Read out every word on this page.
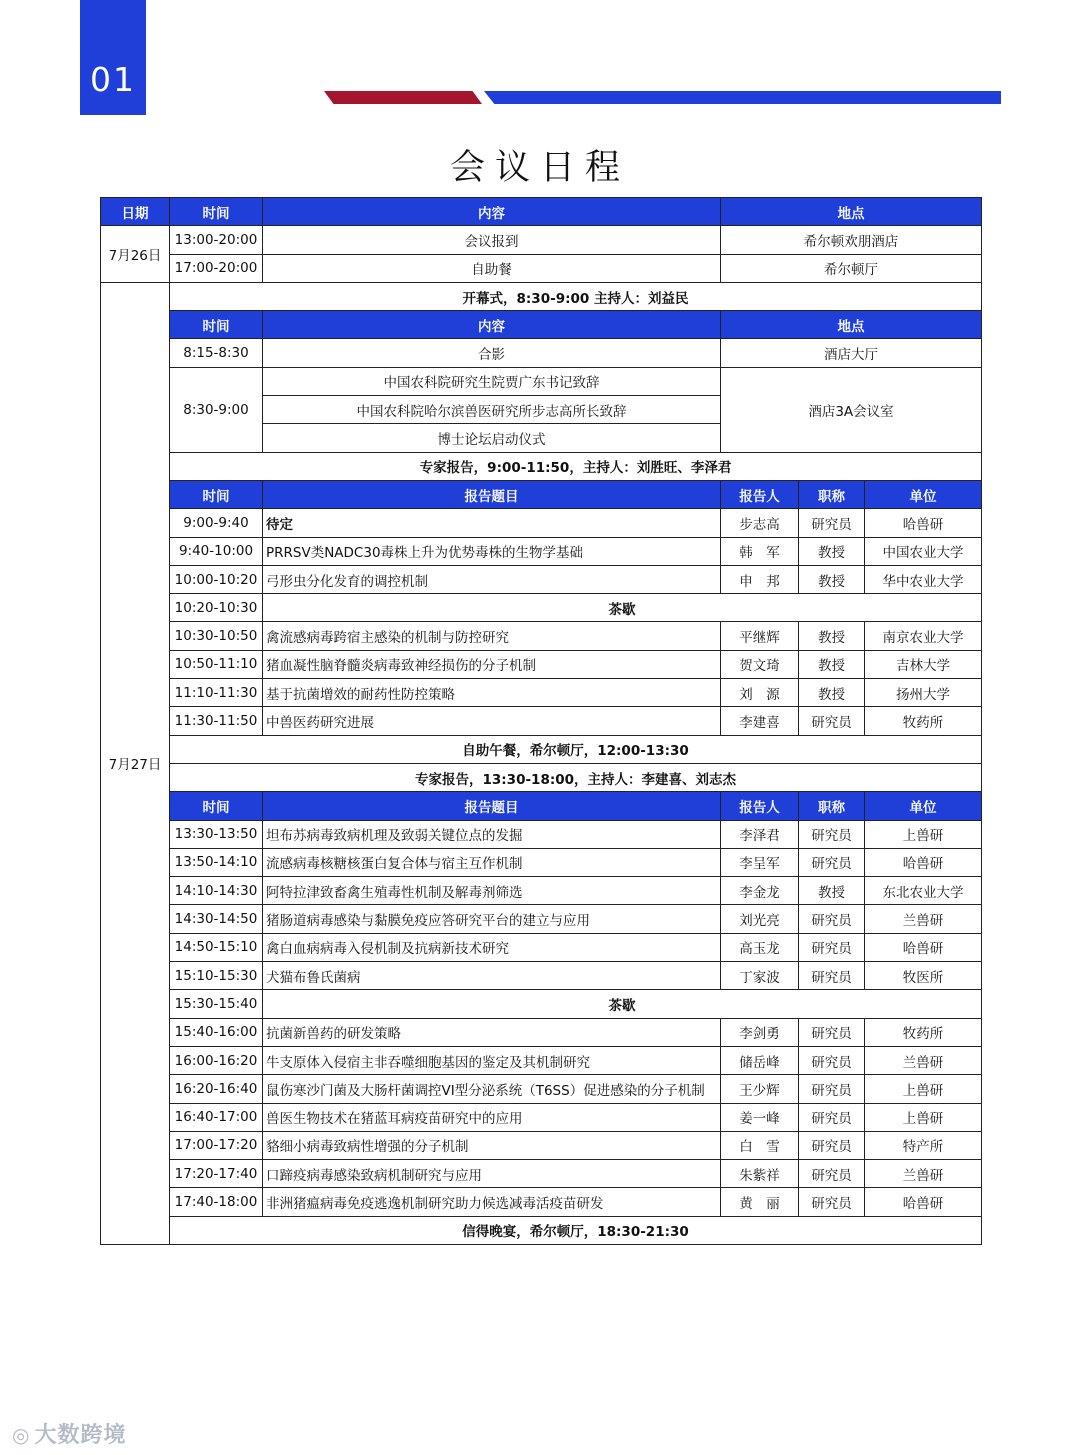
01
会议日程
日期	时间	内容	地点		
7月26日	13:00-20:00	会议报到	希尔顿欢朋酒店		
	17:00-20:00	自助餐	希尔顿厅		
7月27日	开幕式，8:30-9:00 主持人：刘益民				
	时间	内容	地点		
	8:15-8:30	合影	酒店大厅		
	8:30-9:00	中国农科院研究生院贾广东书记致辞	酒店3A会议室		
		中国农科院哈尔滨兽医研究所步志高所长致辞			
		博士论坛启动仪式			
	专家报告，9:00-11:50，主持人：刘胜旺、李泽君				
	时间	报告题目	报告人	职称	单位
	9:00-9:40	待定	步志高	研究员	哈兽研
	9:40-10:00	PRRSV类NADC30毒株上升为优势毒株的生物学基础	韩　军	教授	中国农业大学
	10:00-10:20	弓形虫分化发育的调控机制	申　邦	教授	华中农业大学
	10:20-10:30	茶歇			
	10:30-10:50	禽流感病毒跨宿主感染的机制与防控研究	平继辉	教授	南京农业大学
	10:50-11:10	猪血凝性脑脊髓炎病毒致神经损伤的分子机制	贺文琦	教授	吉林大学
	11:10-11:30	基于抗菌增效的耐药性防控策略	刘　源	教授	扬州大学
	11:30-11:50	中兽医药研究进展	李建喜	研究员	牧药所
	自助午餐，希尔顿厅，12:00-13:30				
	专家报告，13:30-18:00，主持人：李建喜、刘志杰				
	时间	报告题目	报告人	职称	单位
	13:30-13:50	坦布苏病毒致病机理及致弱关键位点的发掘	李泽君	研究员	上兽研
	13:50-14:10	流感病毒核糖核蛋白复合体与宿主互作机制	李呈军	研究员	哈兽研
	14:10-14:30	阿特拉津致畜禽生殖毒性机制及解毒剂筛选	李金龙	教授	东北农业大学
	14:30-14:50	猪肠道病毒感染与黏膜免疫应答研究平台的建立与应用	刘光亮	研究员	兰兽研
	14:50-15:10	禽白血病病毒入侵机制及抗病新技术研究	高玉龙	研究员	哈兽研
	15:10-15:30	犬猫布鲁氏菌病	丁家波	研究员	牧医所
	15:30-15:40	茶歇			
	15:40-16:00	抗菌新兽药的研发策略	李剑勇	研究员	牧药所
	16:00-16:20	牛支原体入侵宿主非吞噬细胞基因的鉴定及其机制研究	储岳峰	研究员	兰兽研
	16:20-16:40	鼠伤寒沙门菌及大肠杆菌调控VI型分泌系统（T6SS）促进感染的分子机制	王少辉	研究员	上兽研
	16:40-17:00	兽医生物技术在猪蓝耳病疫苗研究中的应用	姜一峰	研究员	上兽研
	17:00-17:20	貉细小病毒致病性增强的分子机制	白　雪	研究员	特产所
	17:20-17:40	口蹄疫病毒感染致病机制研究与应用	朱紫祥	研究员	兰兽研
	17:40-18:00	非洲猪瘟病毒免疫逃逸机制研究助力候选减毒活疫苗研发	黄　丽	研究员	哈兽研
	信得晚宴，希尔顿厅，18:30-21:30				
◎ 大数跨境
